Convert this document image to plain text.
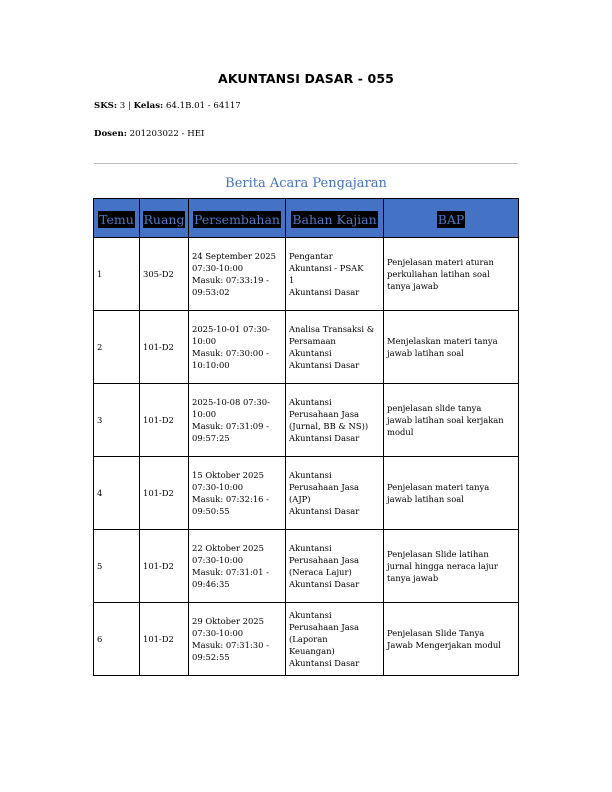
AKUNTANSI DASAR - 055
SKS: 3 | Kelas: 64.1B.01 - 64117
Dosen: 201203022 - HEI
Berita Acara Pengajaran
Temu	Ruang	Persembahan	Bahan Kajian	BAP
1	305-D2	24 September 2025
07:30-10:00
Masuk: 07:33:19 -
09:53:02	Pengantar
Akuntansi - PSAK
1
Akuntansi Dasar	Penjelasan materi aturan
perkuliahan latihan soal
tanya jawab

2	101-D2	2025-10-01 07:30-
10:00
Masuk: 07:30:00 -
10:10:00	Analisa Transaksi &
Persamaan
Akuntansi
Akuntansi Dasar	Menjelaskan materi tanya
jawab latihan soal

3	101-D2	2025-10-08 07:30-
10:00
Masuk: 07:31:09 -
09:57:25	Akuntansi
Perusahaan Jasa
(Jurnal, BB & NS))
Akuntansi Dasar	penjelasan slide tanya
jawab latihan soal kerjakan
modul

4	101-D2	15 Oktober 2025
07:30-10:00
Masuk: 07:32:16 -
09:50:55	Akuntansi
Perusahaan Jasa
(AJP)
Akuntansi Dasar	Penjelasan materi tanya
jawab latihan soal

5	101-D2	22 Oktober 2025
07:30-10:00
Masuk: 07:31:01 -
09:46:35	Akuntansi
Perusahaan Jasa
(Neraca Lajur)
Akuntansi Dasar	Penjelasan Slide latihan
jurnal hingga neraca lajur
tanya jawab

6	101-D2	29 Oktober 2025
07:30-10:00
Masuk: 07:31:30 -
09:52:55	Akuntansi
Perusahaan Jasa
(Laporan
Keuangan)
Akuntansi Dasar	Penjelasan Slide Tanya
Jawab Mengerjakan modul
